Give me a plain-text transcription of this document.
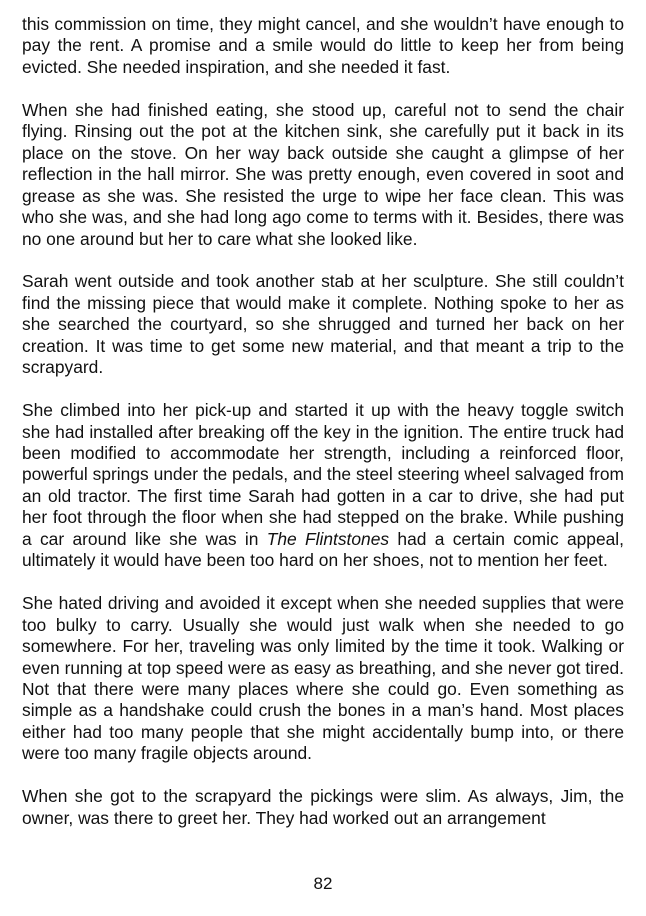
this commission on time, they might cancel, and she wouldn’t have enough to pay the rent. A promise and a smile would do little to keep her from being evicted. She needed inspiration, and she needed it fast.

When she had finished eating, she stood up, careful not to send the chair flying. Rinsing out the pot at the kitchen sink, she carefully put it back in its place on the stove. On her way back outside she caught a glimpse of her reflection in the hall mirror. She was pretty enough, even covered in soot and grease as she was. She resisted the urge to wipe her face clean. This was who she was, and she had long ago come to terms with it. Besides, there was no one around but her to care what she looked like.

Sarah went outside and took another stab at her sculpture. She still couldn’t find the missing piece that would make it complete. Nothing spoke to her as she searched the courtyard, so she shrugged and turned her back on her creation. It was time to get some new material, and that meant a trip to the scrapyard.

She climbed into her pick-up and started it up with the heavy toggle switch she had installed after breaking off the key in the ignition. The entire truck had been modified to accommodate her strength, including a reinforced floor, powerful springs under the pedals, and the steel steering wheel salvaged from an old tractor. The first time Sarah had gotten in a car to drive, she had put her foot through the floor when she had stepped on the brake. While pushing a car around like she was in The Flintstones had a certain comic appeal, ultimately it would have been too hard on her shoes, not to mention her feet.

She hated driving and avoided it except when she needed supplies that were too bulky to carry. Usually she would just walk when she needed to go somewhere. For her, traveling was only limited by the time it took. Walking or even running at top speed were as easy as breathing, and she never got tired. Not that there were many places where she could go. Even something as simple as a handshake could crush the bones in a man’s hand. Most places either had too many people that she might accidentally bump into, or there were too many fragile objects around.

When she got to the scrapyard the pickings were slim. As always, Jim, the owner, was there to greet her. They had worked out an arrangement

82
